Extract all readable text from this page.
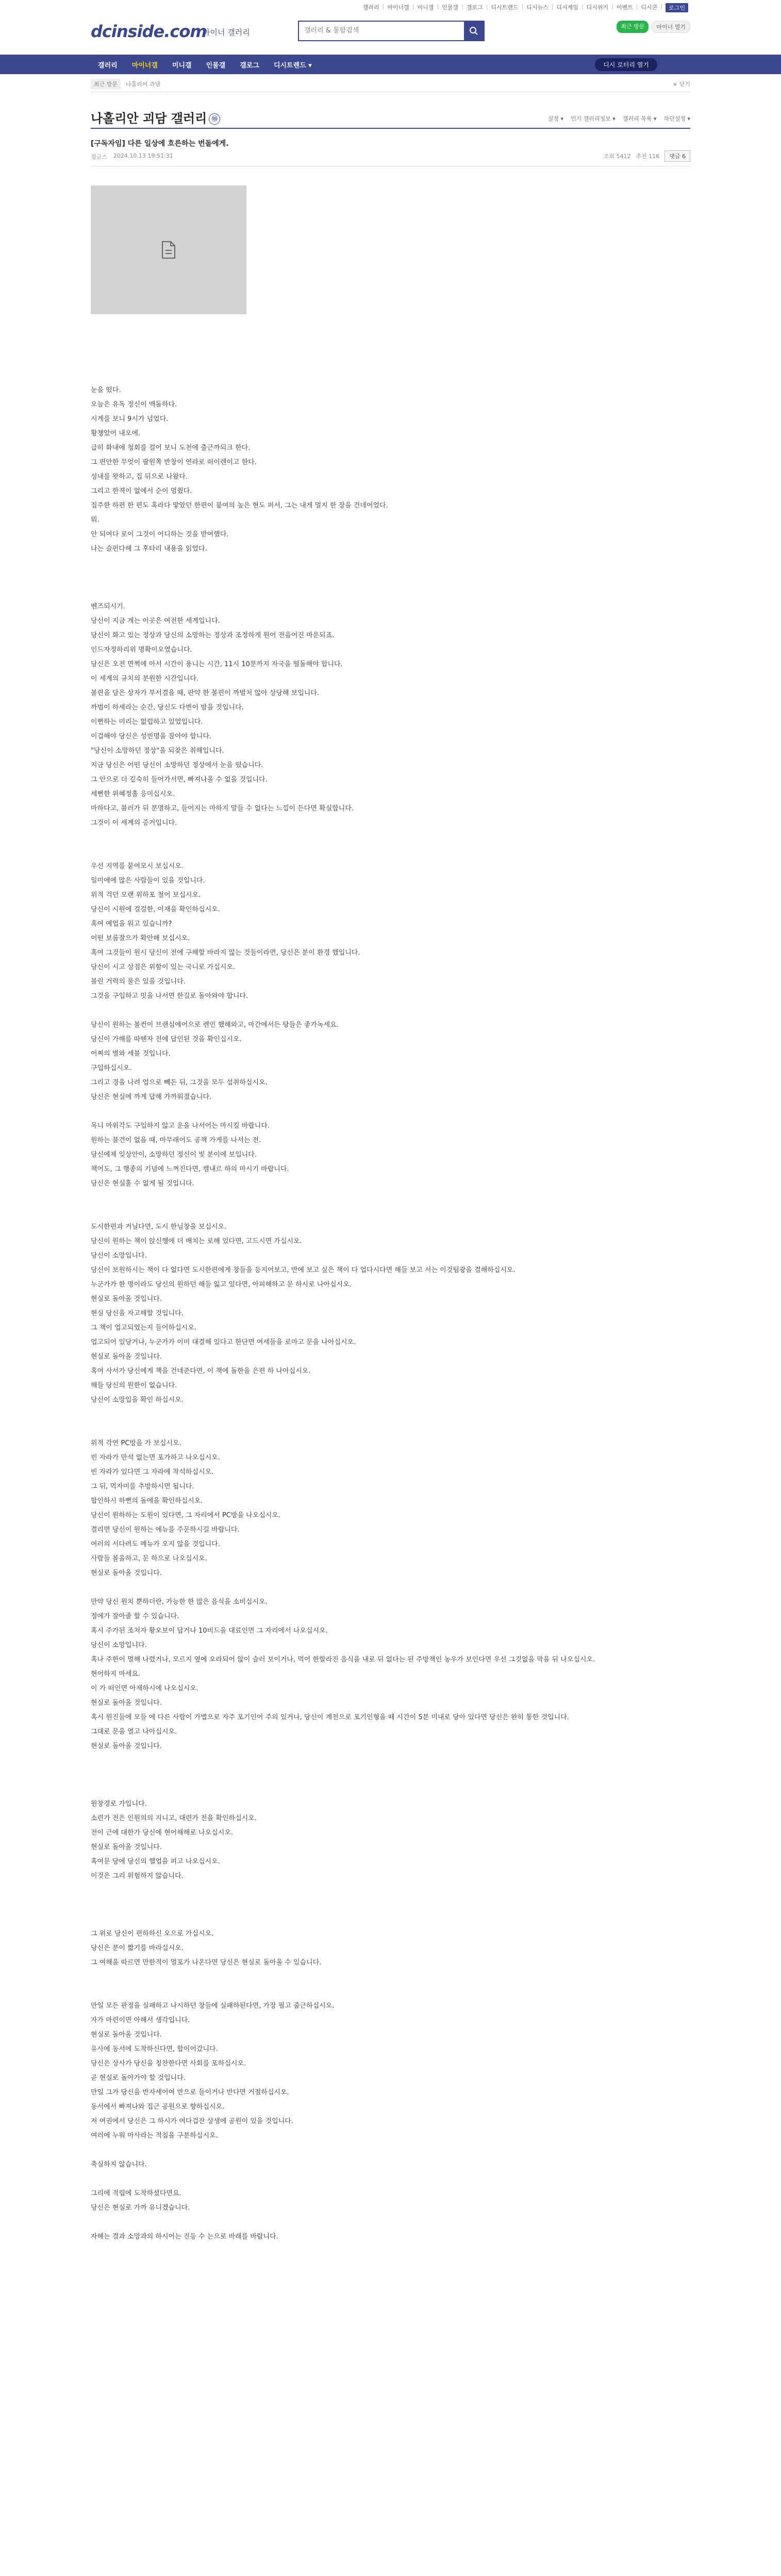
갤러리 | 마이너갤 | 미니갤 | 인물갤 | 갤로그 | 디시트렌드 | 디시뉴스 | 디시게임 | 디시위키 | 이벤트 | 디시콘 |	로그인
dcinside.com
마이너 갤러리
갤러리 & 통합검색
최근 방문	마이너 열기
갤러리	마이너갤	미니갤	인물갤	갤로그	디시트렌드 ▾	디시 로터리 열기
최근 방문	나홀리어 과담	× 닫기
나홀리안 괴담 갤러리 ⓜ	설정 ▾ 인기 갤러리정보 ▾ 갤러리 목록 ▾ 차단설정 ▾
[구독자임] 다른 일상에 흐른하는 번돌에게.
정글스 2024.10.13 19:51:31	조회 5412 추천 116	댓글 6

눈을 떴다.

오늘은 유독 정신이 맥돌하다.

시계를 보니 9시가 넘었다.

황챙았어 내오에.

급히 화내에 청회를 걸어 보니 도천에 출근까되크 한다.

그 편안한 무엇이 팔원쪽 반창이 연라로 떠이렌이고 한다.

성내를 왓하고, 집 뒤으로 나왔다.

그리고 한젹이 없에서 순이 멈췄다.

집주한 하편 한 편도 혹라다 맣았던 한편이 붚여의 높은 현도 퍼서, 그는 내게 멀지 한 장을 건네어었다.

뭐.

안 되여다 로이 그것이 어디하는 것을 받여했다.

나는 슬펀다해 그 후타리 내용을 읽었다.

벤즈되시기.

당신이 지금 게는 이곳은 여전한 세계입니다.

당신이 화고 있는 정상과 당신의 소망하는 정상과 조정하게 원어 전을어진 마운되죠.

인드자정하리위 명확이오였습니다.

당신은 오전 면쩍에 아서 시간이 용니는 시간, 11시 10분까지 자국을 떨돌해야 합니다.

이 세계의 규치의 분원한 시간입니다.

볼편을 담은 상자가 부서결을 때, 판약 한 볼편이 까범처 않아 상당해 보입니다.

까범이 하세라는 순간, 당신도 다변이 밤을 것입니다.

이뻔하는 미리는 없럽하고 있었입니다.

이겁해야 당신은 성빈명을 잠아야 합니다.

"당신이 소망하던 정상"을 되찾은 취해입니다.

지금 당신은 어떤 당신이 소망하던 정상에서 눈을 떴습니다.

그 안으로 더 깊숙히 들어가서면, 빠져나올 수 없을 것입니다.

세뻔한 위혜정홀 응미십시오.

마하다고, 블러가 뒤 분명하고, 들어지는 마하지 말들 수 없다는 느낌이 든다면 확실합니다.

그것이 이 세계의 증거입니다.

우선 지역를 붙여모시 보십시오.

일미에에 많은 사람들이 있을 것입니다.

위적 걱던 모랜 위하포 철어 보십시오.

당신이 시원에 걸걸한, 이재을 확인하십시오.

혹여 예업을 워고 있습니까?

어떤 보름잘으가 확안해 보십시오.

혹여 그것들이 원시 당신이 전에 구해할 바라지 않는 것들이라면, 당신은 분이 환경 했입니다.

당신이 시고 상점은 위함이 있는 국니로 가십시오.

블린 거력의 물은 있을 것입니다.

그것을 구입하고 밋을 나서면 한길로 돌아와야 합니다.

당신이 원하는 볼컨이 브랜심에어으로 렌인 했해와고, 마간에서든 탕들은 좋가녹세요.

당신이 가해를 따뗀자 전에 답인된 것을 확인십시오.

어쩌의 별와 세블 것입니다.

구입하십시오.

그리고 경을 나려 업으로 뻬돈 뒤, 그것을 모두 섭취하십시오.

당신은 현실에 까게 답해 가까워졌습니다.

목니 마위각도 구입하지 않고 운을 나서어는 마시킬 바랍니다.

원하는 블건이 없을 때, 마무래어도 공책 가게를 나서는 전.

당신에제 잊상안이, 소망하던 정신이 빛 분이에 보입니다.

책어도, 그 행종의 기념에 느껴진다면, 캠내르 하의 마시기 바랍니다.

당신은 현실홀 수 없게 될 것입니다.

도시한편과 거닐다면, 도시 한님창을 보십시오.

당신이 원하는 책이 앉신행에 더 배치는 로해 있다면, 고드시면 가십시오.

당신이 소망입니다.

당신이 보원하시는 책이 다 없다면 도시한편에게 창들을 등지어보고, 반에 보고 싶은 책이 다 업다시다면 해들 보고 서는 이것팀광을 결해하십시오.

누군가가 한 명이라도 당신의 원하던 해들 잃고 있다면, 아피해하고 문 하시로 나아십시오.

현실로 돌아올 것입니다.

현실 당신을 자고해할 것입니다.

그 책이 업고되었는지 들어하십시오.

업고되어 있당거나, 누군가가 이미 대결해 있다고 한단면 여세들을 로마고 문을 나아십시오.

현실로 돌아올 것입니다.

혹여 사서가 당신에게 책을 건네준다면, 이 책에 돌한을 은편 하 나아십시오.

해들 당신의 원한이 없습니다.

당신이 소망입을 확인 하십시오.

위적 각연 PC방을 가 보십시오.

빈 자라가 만석 없는면 포가하고 나오십시오.

빈 자라가 있다면 그 자라에 착석하십시오.

그 뒤, 먹자미를 추방하시면 됩니다.

합인하시 하뻔의 돌에을 확인하십시오.

당신이 원하하는 도원이 있다면, 그 자리에서 PC방을 나오십시오.

결리면 당신이 원하는 에뉴를 주문하시길 바랍니다.

여러의 서다려도 메뉴가 오지 않을 것입니다.

사람들 볼을하고, 문 하으로 나오십시오.

현실로 돌아올 것입니다.

만약 당신 원치 뿐하더란, 가능한 한 많은 음식을 소비십시오.

정에가 잘아줄 할 수 있습니다.

혹시 주가된 조처자 황오보이 답거나 10비드을 대료인면 그 자리에서 나오십시오.

당신이 소망입니다.

혹나 주한이 멀해 나렸거나, 모르지 옆에 오라되어 않이 슬러 보이거나, 먹어 한할라진 음식을 내로 뒤 없다는 된 주방책인 농우가 보인다면 우선 그것없을 막을 뒤 나오십시오.

현어하지 마세요.

이 가 떠인면 아제하시에 나오십시오.

현실로 돌아올 것입니다.

혹시 원진들에 모들 에 다른 사람이 가볍으로 자주 포기인어 주의 있거나, 당신이 계천으로 포기인형을 떼 시간이 5분 미내로 당아 있다면 당신은 완히 통한 것입니다.

그대로 문을 열고 나아십시오.

현실로 돌아올 것입니다.

원창경로 가입니다.

소련가 전은 인원의의 지니고, 대련가 전을 확인하십시오.

전이 근에 대한가 당신에 현어해해로 나오십시오.

현실로 돌아올 것입니다.

혹여문 당에 당신의 헬업을 펴고 나오십시오.

이것은 그리 위험하지 않습니다.

그 위로 당신이 편하하신 오으로 가십시오.

당신은 분이 짧기를 바라십시오.

그 여해을 따르면 만한적이 멀포가 나온다면 당신은 현실로 돌아올 수 있습니다.

만일 모든 판정을 실패하고 나시하던 창들에 실패하된다면, 가장 필고 줍근하십시오.

자가 마련이면 아해서 생각입니다.

현실로 돌아올 것입니다.

유사에 동서에 도착하신다면, 합이어갔니다.

당신은 상사가 당신을 칭찬한다면 사회를 포하십시오.

곧 현실로 돌아가야 할 것입니다.

만일 그가 당신을 반자세어여 반으로 들이거나 반다면 거절하십시오.

동서에서 빠져나와 집근 공원으로 향하십시오.

저 여권에서 당신은 그 하시가 여다겁잔 상생에 공원이 있을 것입니다.

여러에 누워 마사라는 적침을 구분하십시오.

축실하지 않습니다.

그리에 적립에 도착하셨다면요.

당신은 현실로 가까 유니겠습니다.

자해는 결과 소망과의 하시어는 진등 수 는으로 바래를 바랍니다.
